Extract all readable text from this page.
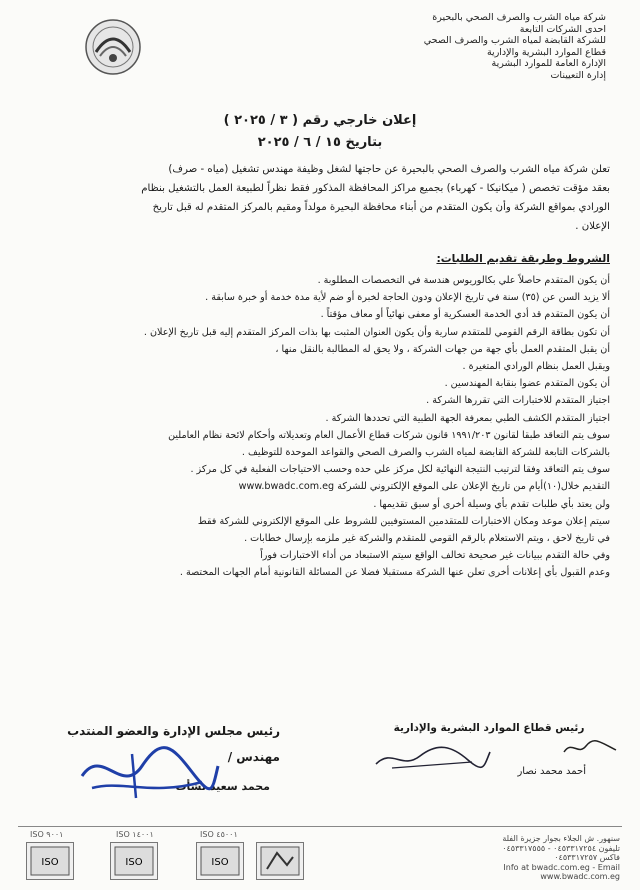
شركة مياه الشرب والصرف الصحي بالبحيرة
احدى الشركات التابعة
للشركة القابضة لمياه الشرب والصرف الصحي
قطاع الموارد البشرية والإدارية
الإدارة العامة للموارد البشرية
إدارة التعيينات
إعلان خارجي رقم ( ٣ / ٢٠٢٥ )
بتاريخ ١٥ / ٦ / ٢٠٢٥
تعلن شركة مياه الشرب والصرف الصحي بالبحيرة عن حاجتها لشغل وظيفة مهندس تشغيل (مياه - صرف)
بعقد مؤقت تخصص ( ميكانيكا - كهرباء) بجميع مراكز المحافظة المذكور فقط نظراً لطبيعة العمل بالتشغيل بنظام
الورادي بمواقع الشركة وأن يكون المتقدم من أبناء محافظة البحيرة مولداً ومقيم بالمركز المتقدم له قبل تاريخ
الإعلان .
الشروط وطريقة تقديم الطلبات:
أن يكون المتقدم حاصلاً علي بكالوريوس هندسة في التخصصات المطلوبة .
ألا يزيد السن عن (٣٥) سنة في تاريخ الإعلان ودون الحاجة لخبرة أو ضم لأية مدة خدمة أو خبرة سابقة .
أن يكون المتقدم قد أدي الخدمة العسكرية أو معفى نهائياً أو معاف مؤقتاً .
أن تكون بطاقة الرقم القومي للمتقدم سارية وأن يكون العنوان المثبت بها بذات المركز المتقدم إليه قبل تاريخ الإعلان .
أن يقبل المتقدم العمل بأي جهة من جهات الشركة ، ولا يحق له المطالبة بالنقل منها ،
ويقبل العمل بنظام الورادي المتغيرة .
أن يكون المتقدم عضوا بنقابة المهندسين .
اجتياز المتقدم للاختبارات التي تقررها الشركة .
اجتياز المتقدم الكشف الطبي بمعرفة الجهة الطبية التي تحددها الشركة .
سوف يتم التعاقد طبقا لقانون ١٩٩١/٢٠٣ قانون شركات قطاع الأعمال العام وتعديلاته وأحكام لائحة نظام العاملين
بالشركات التابعة للشركة القابضة لمياه الشرب والصرف الصحي والقواعد الموحدة للتوظيف .
سوف يتم التعاقد وفقا لترتيب النتيجة النهائية لكل مركز علي حده وحسب الاحتياجات الفعلية في كل مركز .
التقديم خلال(١٠)أيام من تاريخ الإعلان على الموقع الإلكتروني للشركة www.bwadc.com.eg
ولن يعتد بأي طلبات تقدم بأي وسيلة أخرى أو سبق تقديمها .
سيتم إعلان موعد ومكان الاختبارات للمتقدمين المستوفيين للشروط على الموقع الإلكتروني للشركة فقط
في تاريخ لاحق ، ويتم الاستعلام بالرقم القومي للمتقدم والشركة غير ملزمه بإرسال خطابات .
وفي حالة التقدم ببيانات غير صحيحة تخالف الواقع سيتم الاستبعاد من أداء الاختبارات فوراً
وعدم القبول بأي إعلانات أخرى تعلن عنها الشركة مستقبلا فضلا عن المسائلة القانونية أمام الجهات المختصة .
رئيس قطاع الموارد البشرية والإدارية
أحمد محمد نصار
رئيس مجلس الإدارة والعضو المنتدب
مهندس /
محمد سعيد نشأت
ISO ٩٠٠١	ISO ١٤٠٠١	ISO ٤٥٠٠١
ISO	ISO	ISO
سنهور. ش الجلاء بجوار جزيرة الفلة
تليفون ٠٤٥٣٣١٧٢٥٤ - ٠٤٥٣٣١٧٥٥٥
فاكس ٠٤٥٣٣١٧٢٥٧
Info at bwadc.com.eg - Email
www.bwadc.com.eg
